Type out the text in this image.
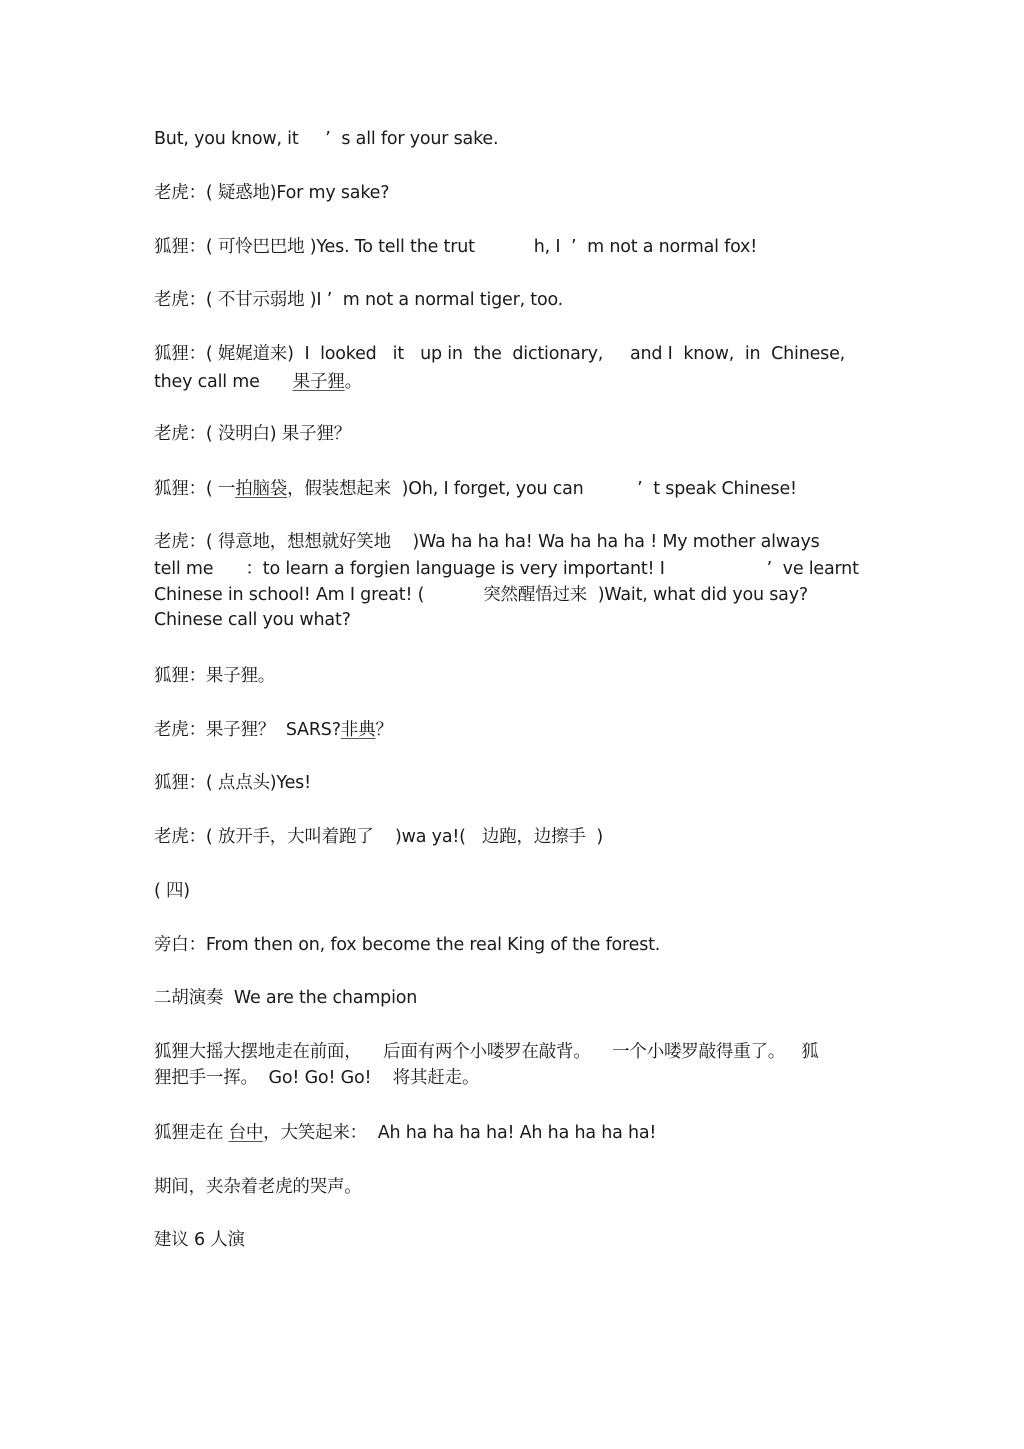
But, you know, it     ’  s all for your sake.
老虎：( 疑惑地)For my sake?
狐狸：( 可怜巴巴地 )Yes. To tell the trut           h, I  ’  m not a normal fox!
老虎：( 不甘示弱地 )I ’  m not a normal tiger, too.
狐狸：( 娓娓道来)  I  looked   it   up in  the  dictionary,     and I  know,  in  Chinese,
they call me 果子狸。
老虎：( 没明白) 果子狸？
狐狸：( 一拍脑袋，假装想起来  )Oh, I forget, you can          ’  t speak Chinese!
老虎：( 得意地，想想就好笑地    )Wa ha ha ha! Wa ha ha ha ! My mother always
tell me      ：to learn a forgien language is very important! I                   ’  ve learnt
Chinese in school! Am I great! (           突然醒悟过来  )Wait, what did you say?
Chinese call you what?
狐狸：果子狸。
老虎：果子狸？  SARS?非典？
狐狸：( 点点头)Yes!
老虎：( 放开手，大叫着跑了    )wa ya!(   边跑，边擦手  )
( 四)
旁白：From then on, fox become the real King of the forest.
二胡演奏  We are the champion
狐狸大摇大摆地走在前面，    后面有两个小喽罗在敲背。    一个小喽罗敲得重了。   狐
狸把手一挥。  Go! Go! Go!    将其赶走。
狐狸走在 台中，大笑起来：  Ah ha ha ha ha! Ah ha ha ha ha!
期间，夹杂着老虎的哭声。
建议 6 人演
